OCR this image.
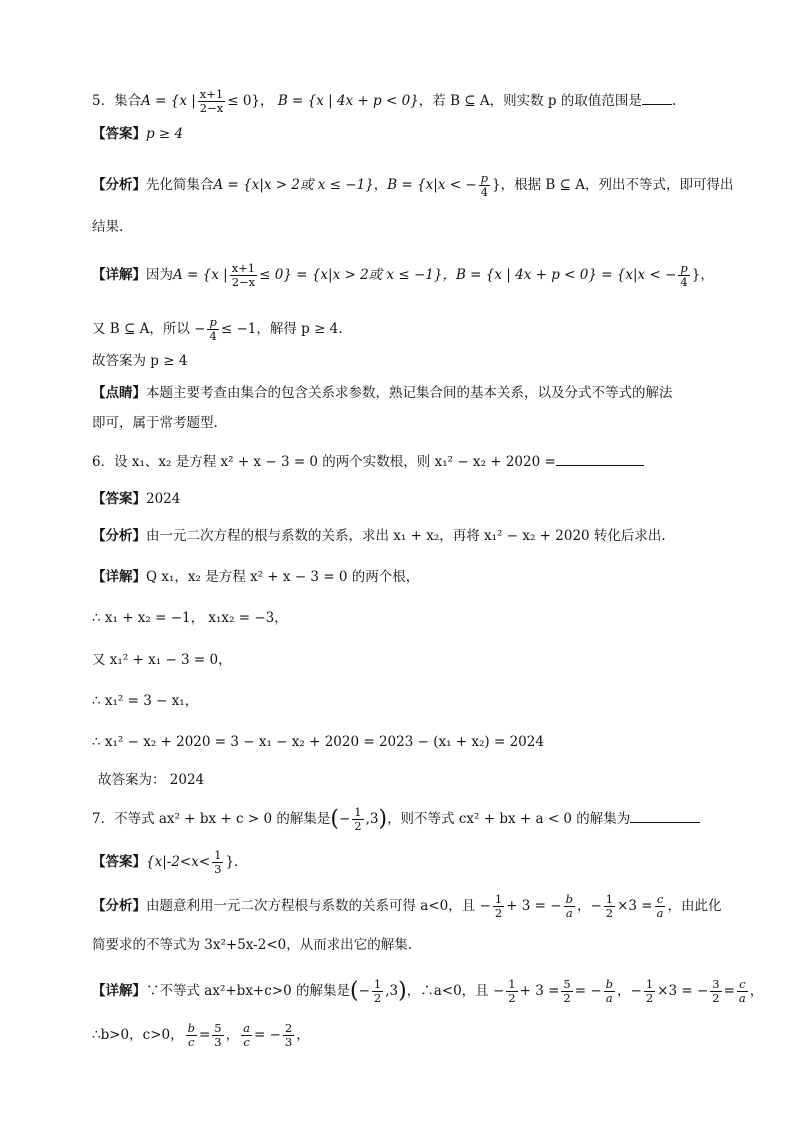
5．集合A = {x | $\frac{x+1}{2-x} \le 0$}， B = {x | 4x + p < 0}，若 B ⊆ A，则实数 p 的取值范围是 .
【答案】p ≥ 4
【分析】先化简集合A = {x|x > 2或 x ≤ −1}，B = {x|x < − $\frac{p}{4}$ }，根据 B ⊆ A，列出不等式，即可得出
结果.
【详解】因为A = {x | $\frac{x+1}{2-x} \le 0\} = \{x|x > 2$或 x ≤ −1}，B = {x | 4x + p < 0} = {x|x < − $\frac{p}{4}$ }，
又 B ⊆ A，所以 − $\frac{p}{4} \le -1$，解得 p ≥ 4.
故答案为 p ≥ 4
【点睛】本题主要考查由集合的包含关系求参数，熟记集合间的基本关系，以及分式不等式的解法
即可，属于常考题型.
6．设 x₁、x₂ 是方程 x² + x − 3 = 0 的两个实数根，则 x₁² − x₂ + 2020 =
【答案】2024
【分析】由一元二次方程的根与系数的关系，求出 x₁ + x₂，再将 x₁² − x₂ + 2020 转化后求出.
【详解】Q x₁，x₂ 是方程 x² + x − 3 = 0 的两个根，
∴ x₁ + x₂ = −1， x₁x₂ = −3，
又 x₁² + x₁ − 3 = 0，
∴ x₁² = 3 − x₁，
∴ x₁² − x₂ + 2020 = 3 − x₁ − x₂ + 2020 = 2023 − (x₁ + x₂) = 2024
故答案为： 2024
7．不等式 ax² + bx + c > 0 的解集是(− $\frac{1}{2} ,3$)，则不等式 cx² + bx + a < 0 的解集为
【答案】{$x|-2<x< \frac{1}{3}$ }.
【分析】由题意利用一元二次方程根与系数的关系可得 a<0，且 − $\frac{1}{2} + 3$ = − $\frac{b}{a}$ ，− $\frac{1}{2} \times 3 = \frac{c}{a}$ ，由此化
简要求的不等式为 3x²+5x-2<0，从而求出它的解集.
【详解】∵不等式 ax²+bx+c>0 的解集是(− $\frac{1}{2} ,3$)，∴a<0，且 − $\frac{1}{2} + 3 = \frac{5}{2}$ = − $\frac{b}{a}$ ，− $\frac{1}{2} \times 3$ = − $\frac{3}{2} = \frac{c}{a}$ ，
∴b>0，c>0， $\frac{b}{c} = \frac{5}{3}$ ， $\frac{a}{c}$ = − $\frac{2}{3}$ ，
